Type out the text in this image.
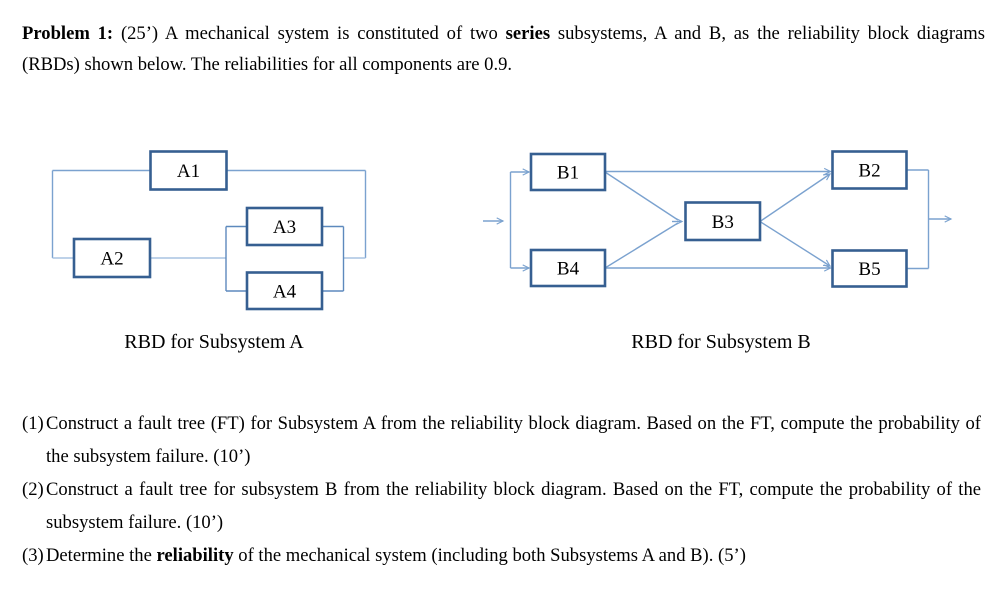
Problem 1: (25’) A mechanical system is constituted of two series subsystems, A and B, as the reliability block diagrams (RBDs) shown below. The reliabilities for all components are 0.9.

A1
A2
A3
A4
RBD for Subsystem A
B1	B2
B3
B4	B5
RBD for Subsystem B

(1) Construct a fault tree (FT) for Subsystem A from the reliability block diagram. Based on the FT, compute the probability of the subsystem failure. (10’)

(2) Construct a fault tree for subsystem B from the reliability block diagram. Based on the FT, compute the probability of the subsystem failure. (10’)

(3) Determine the reliability of the mechanical system (including both Subsystems A and B). (5’)
